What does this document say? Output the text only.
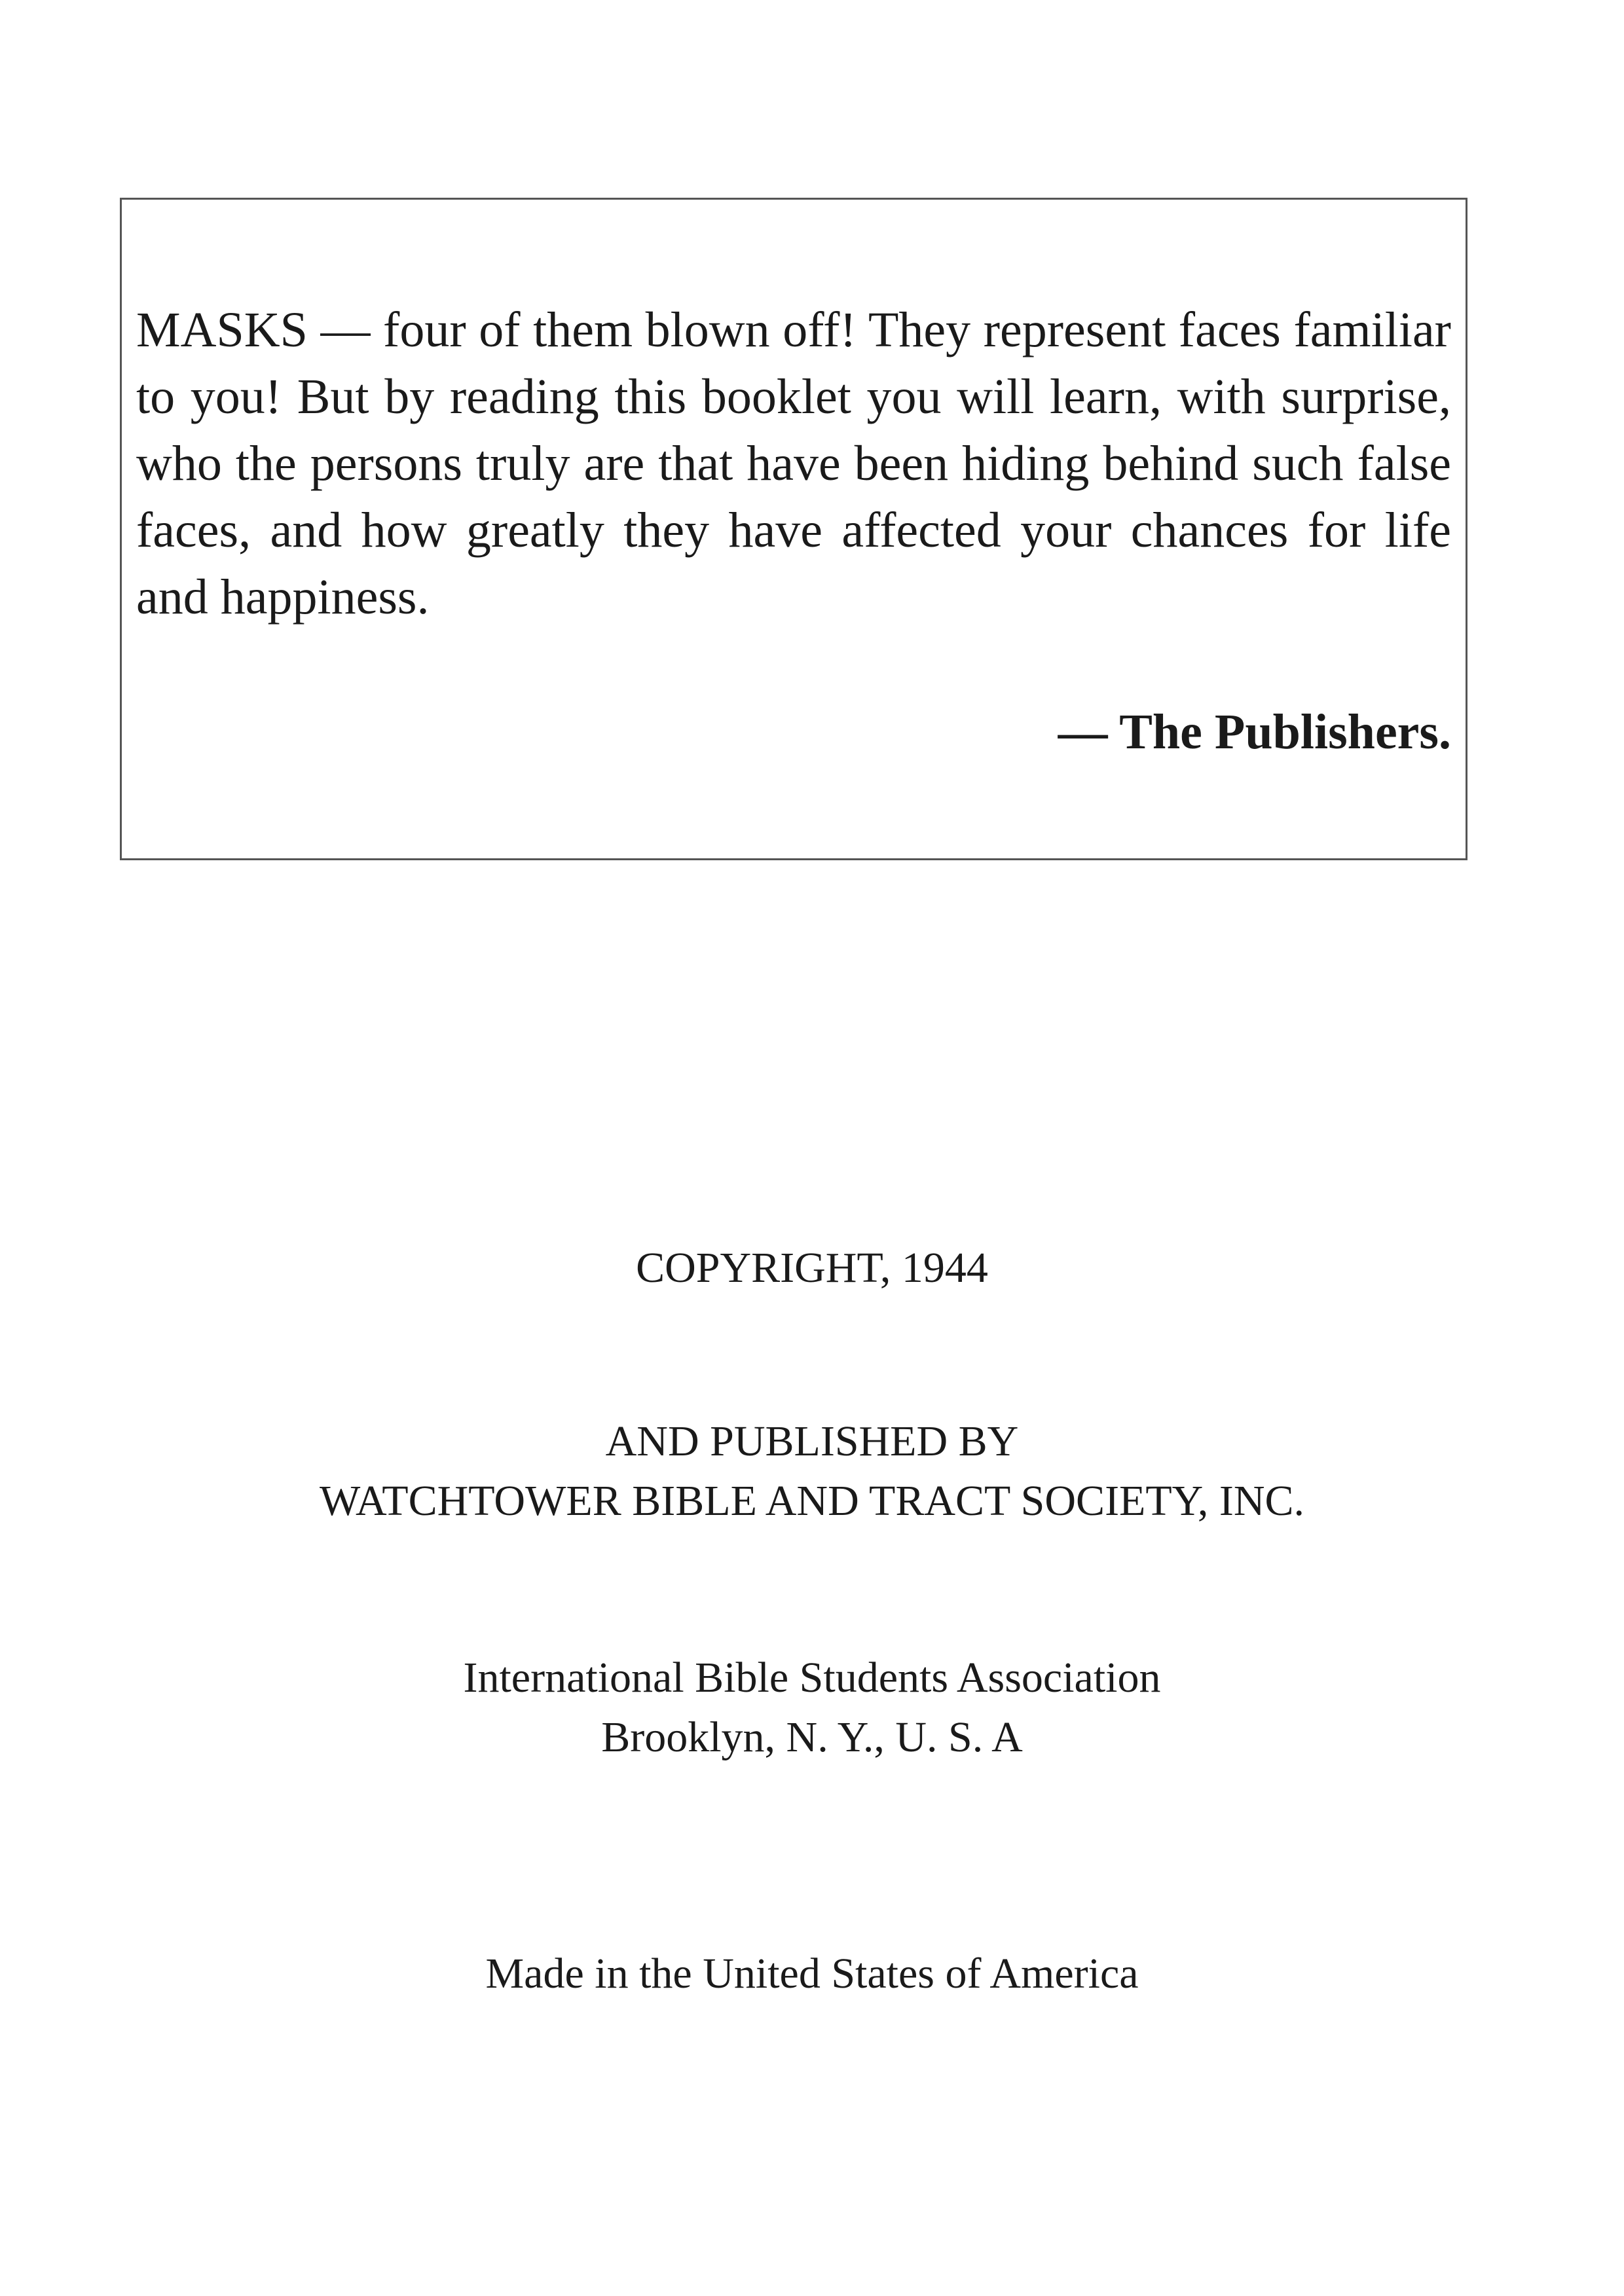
MASKS — four of them blown off! They represent faces familiar to you! But by reading this booklet you will learn, with surprise, who the persons truly are that have been hiding behind such false faces, and how greatly they have affected your chances for life and happiness.

— The Publishers.

COPYRIGHT, 1944

AND PUBLISHED BY

WATCHTOWER BIBLE AND TRACT SOCIETY, INC.

International Bible Students Association

Brooklyn, N. Y., U. S. A

Made in the United States of America
